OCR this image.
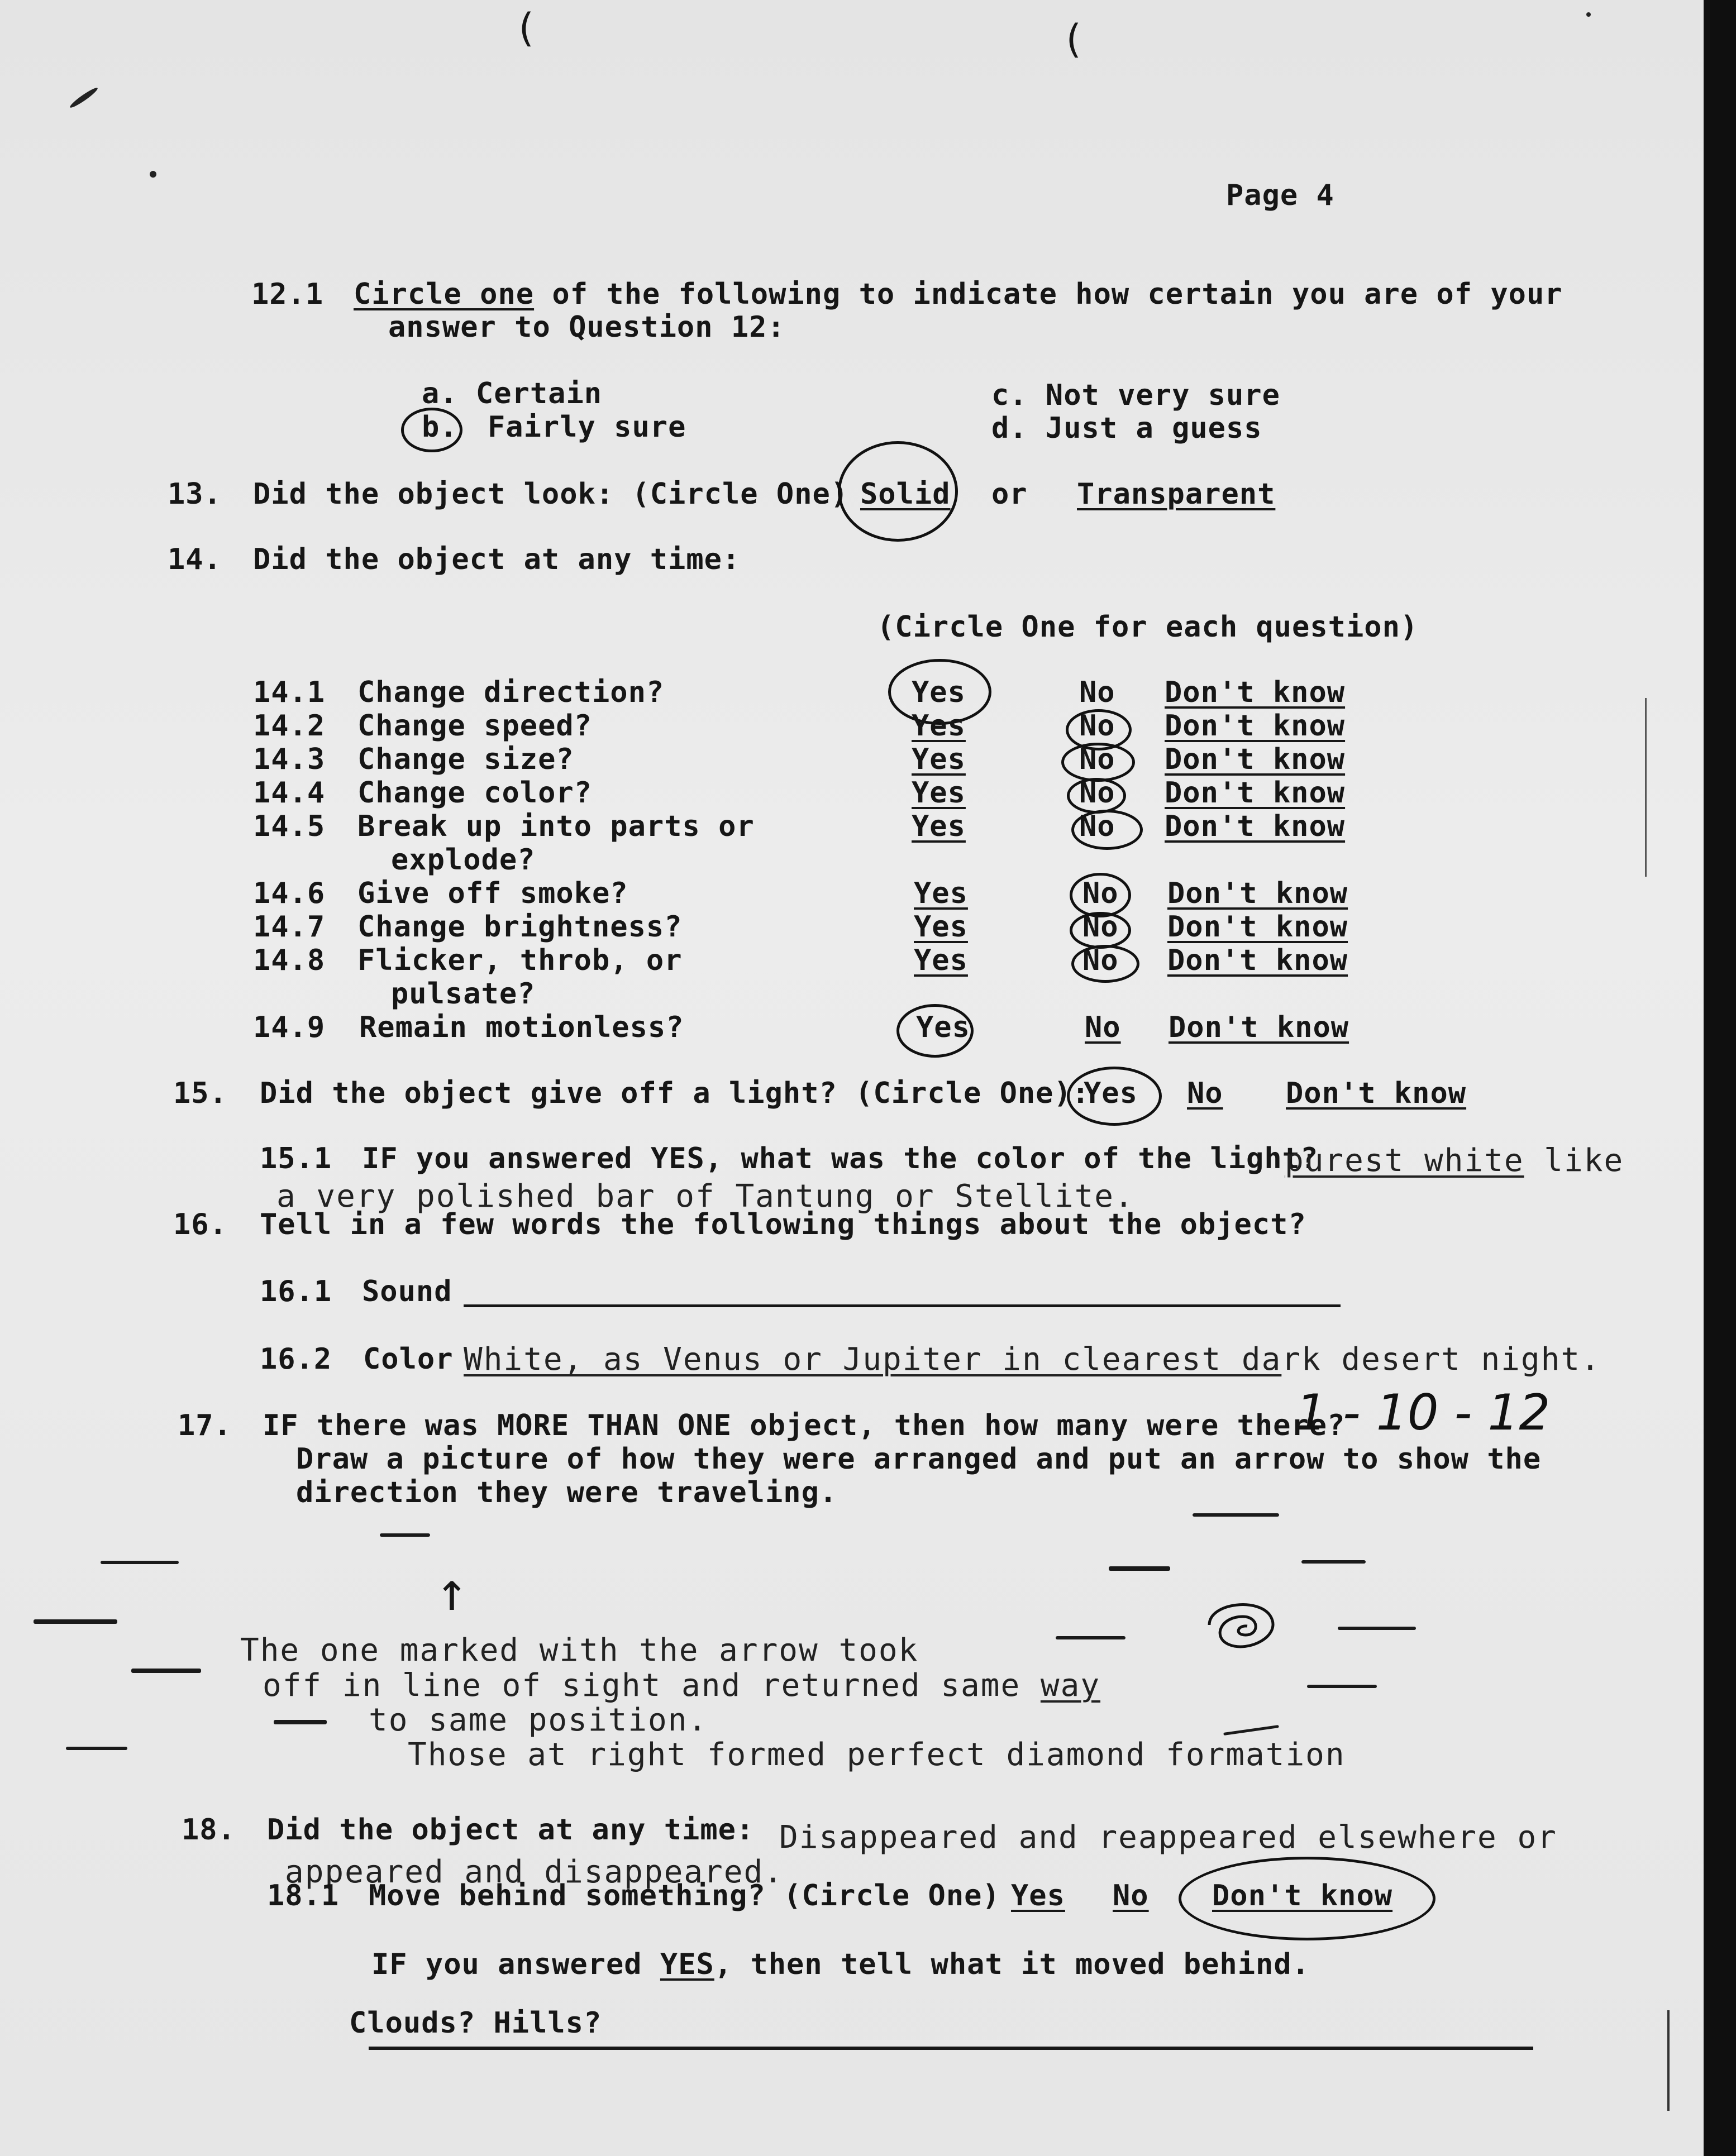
(	(
Page 4
12.1 Circle one of the following to indicate how certain you are of your
answer to Question 12:
a. Certain
b. Fairly sure
c. Not very sure
d. Just a guess
13. Did the object look: (Circle One) Solid or Transparent
14. Did the object at any time:
(Circle One for each question)
14.1 Change direction?	Yes	No Don't know
14.2 Change speed?	Yes	No Don't know
14.3 Change size?	Yes	No Don't know
14.4 Change color?	Yes	No Don't know
14.5 Break up into parts or
explode?
Yes	No Don't know
14.6 Give off smoke?	Yes	No Don't know
14.7 Change brightness?	Yes	No Don't know
14.8 Flicker, throb, or
pulsate?
Yes	No Don't know
14.9 Remain motionless?	Yes	No Don't know
15. Did the object give off a light? (Circle One):
Yes No Don't know
15.1 IF you answered YES, what was the color of the light?
purest white like
a very polished bar of Tantung or Stellite.
16. Tell in a few words the following things about the object?
16.1 Sound
16.2 Color White, as Venus or Jupiter in clearest dark desert night.
17. IF there was MORE THAN ONE object, then how many were there?
1 - 10 - 12
Draw a picture of how they were arranged and put an arrow to show the
direction they were traveling.
↑
The one marked with the arrow took
off in line of sight and returned same way
to same position.
Those at right formed perfect diamond formation
18. Did the object at any time: Disappeared and reappeared elsewhere or
appeared and disappeared.
18.1 Move behind something? (Circle One) Yes No Don't know
IF you answered YES, then tell what it moved behind.
Clouds? Hills?
